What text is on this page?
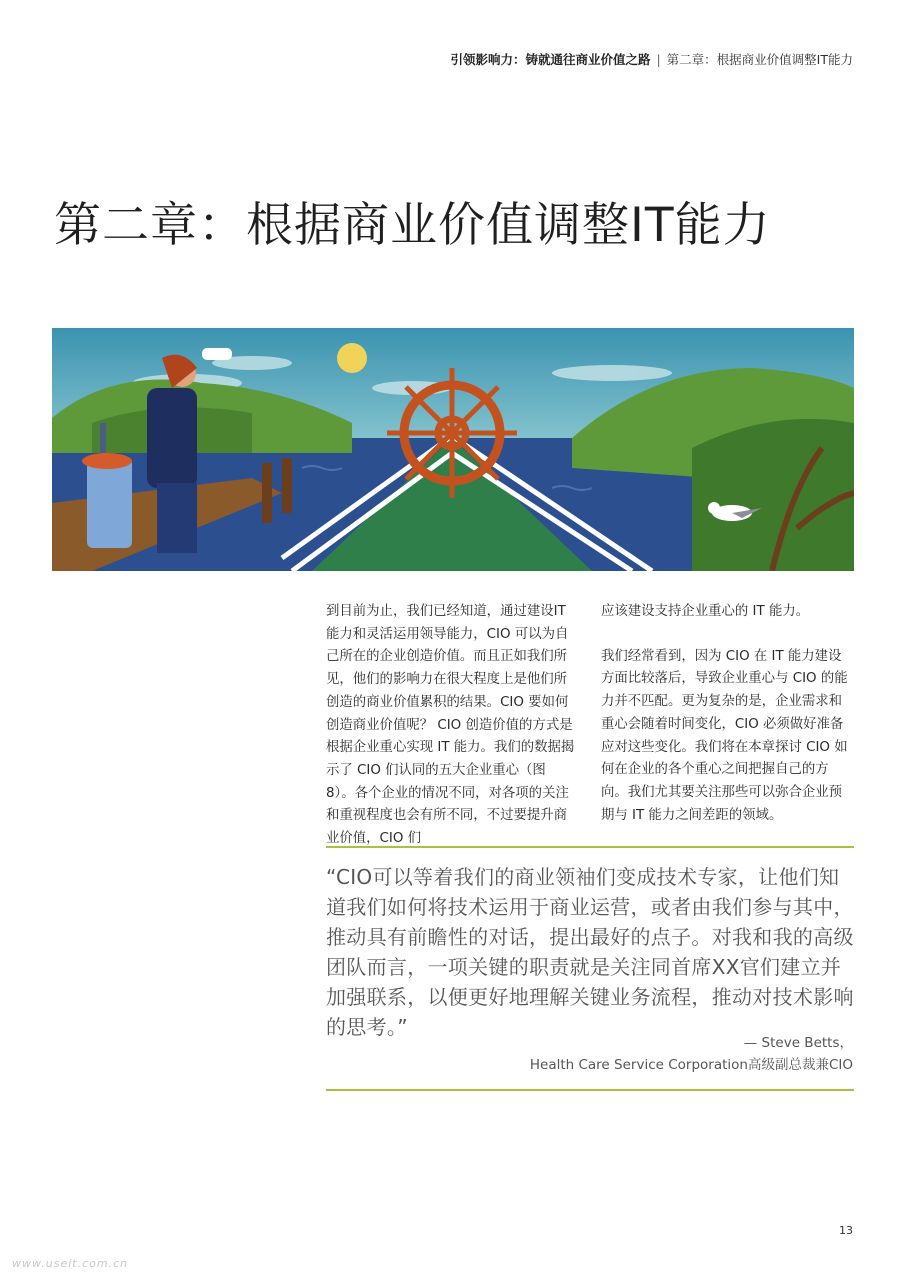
引领影响力：铸就通往商业价值之路 | 第二章：根据商业价值调整IT能力
第二章：根据商业价值调整IT能力

到目前为止，我们已经知道，通过建设IT 能力和灵活运用领导能力，CIO 可以为自己所在的企业创造价值。而且正如我们所见，他们的影响力在很大程度上是他们所创造的商业价值累积的结果。CIO 要如何创造商业价值呢？ CIO 创造价值的方式是根据企业重心实现 IT 能力。我们的数据揭示了 CIO 们认同的五大企业重心（图 8）。各个企业的情况不同，对各项的关注和重视程度也会有所不同，不过要提升商业价值，CIO 们

应该建设支持企业重心的 IT 能力。

我们经常看到，因为 CIO 在 IT 能力建设方面比较落后，导致企业重心与 CIO 的能力并不匹配。更为复杂的是，企业需求和重心会随着时间变化，CIO 必须做好准备应对这些变化。我们将在本章探讨 CIO 如何在企业的各个重心之间把握自己的方向。我们尤其要关注那些可以弥合企业预期与 IT 能力之间差距的领域。

“CIO可以等着我们的商业领袖们变成技术专家，让他们知道我们如何将技术运用于商业运营，或者由我们参与其中，推动具有前瞻性的对话，提出最好的点子。对我和我的高级团队而言，一项关键的职责就是关注同首席XX官们建立并加强联系，以便更好地理解关键业务流程，推动对技术影响的思考。”
— Steve Betts，
Health Care Service Corporation高级副总裁兼CIO
13
www.useit.com.cn
